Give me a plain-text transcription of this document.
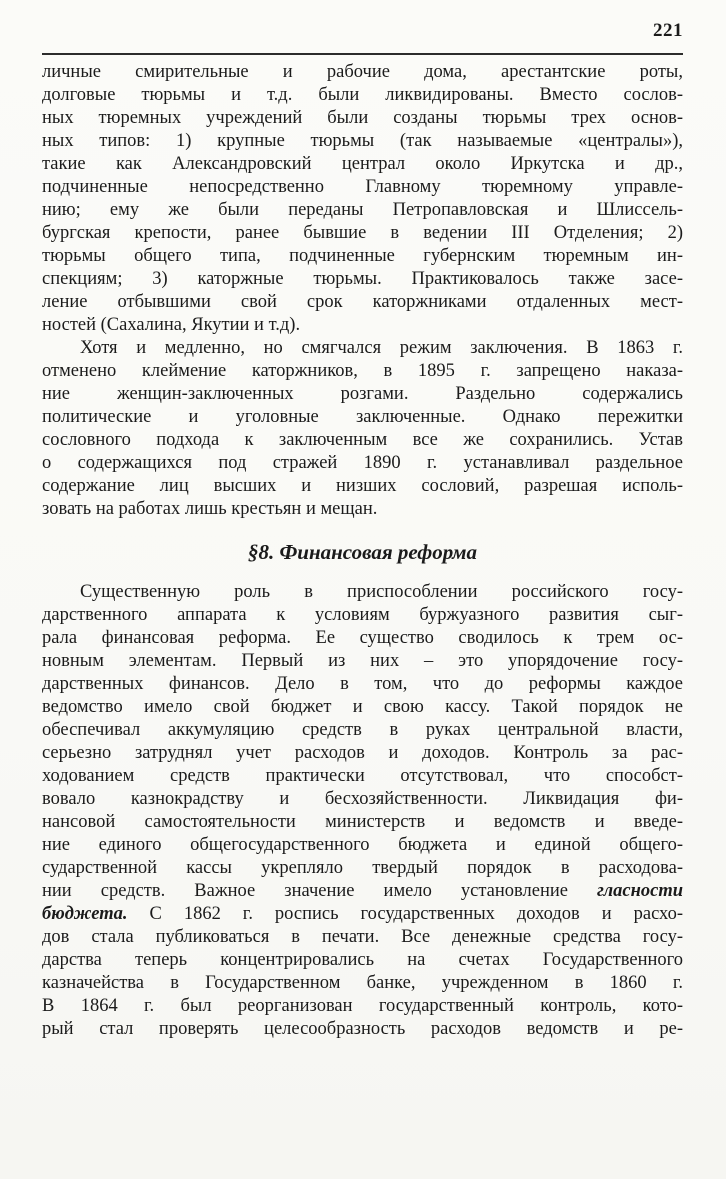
221
личные смирительные и рабочие дома, арестантские роты,
долговые тюрьмы и т.д. были ликвидированы. Вместо сослов-
ных тюремных учреждений были созданы тюрьмы трех основ-
ных типов: 1) крупные тюрьмы (так называемые «централы»),
такие как Александровский централ около Иркутска и др.,
подчиненные непосредственно Главному тюремному управле-
нию; ему же были переданы Петропавловская и Шлиссель-
бургская крепости, ранее бывшие в ведении III Отделения; 2)
тюрьмы общего типа, подчиненные губернским тюремным ин-
спекциям; 3) каторжные тюрьмы. Практиковалось также засе-
ление отбывшими свой срок каторжниками отдаленных мест-
ностей (Сахалина, Якутии и т.д).
Хотя и медленно, но смягчался режим заключения. В 1863 г.
отменено клеймение каторжников, в 1895 г. запрещено наказа-
ние женщин-заключенных розгами. Раздельно содержались
политические и уголовные заключенные. Однако пережитки
сословного подхода к заключенным все же сохранились. Устав
о содержащихся под стражей 1890 г. устанавливал раздельное
содержание лиц высших и низших сословий, разрешая исполь-
зовать на работах лишь крестьян и мещан.
§8. Финансовая реформа
Существенную роль в приспособлении российского госу-
дарственного аппарата к условиям буржуазного развития сыг-
рала финансовая реформа. Ее существо сводилось к трем ос-
новным элементам. Первый из них – это упорядочение госу-
дарственных финансов. Дело в том, что до реформы каждое
ведомство имело свой бюджет и свою кассу. Такой порядок не
обеспечивал аккумуляцию средств в руках центральной власти,
серьезно затруднял учет расходов и доходов. Контроль за рас-
ходованием средств практически отсутствовал, что способст-
вовало казнокрадству и бесхозяйственности. Ликвидация фи-
нансовой самостоятельности министерств и ведомств и введе-
ние единого общегосударственного бюджета и единой общего-
сударственной кассы укрепляло твердый порядок в расходова-
нии средств. Важное значение имело установление гласности
бюджета. С 1862 г. роспись государственных доходов и расхо-
дов стала публиковаться в печати. Все денежные средства госу-
дарства теперь концентрировались на счетах Государственного
казначейства в Государственном банке, учрежденном в 1860 г.
В 1864 г. был реорганизован государственный контроль, кото-
рый стал проверять целесообразность расходов ведомств и ре-
